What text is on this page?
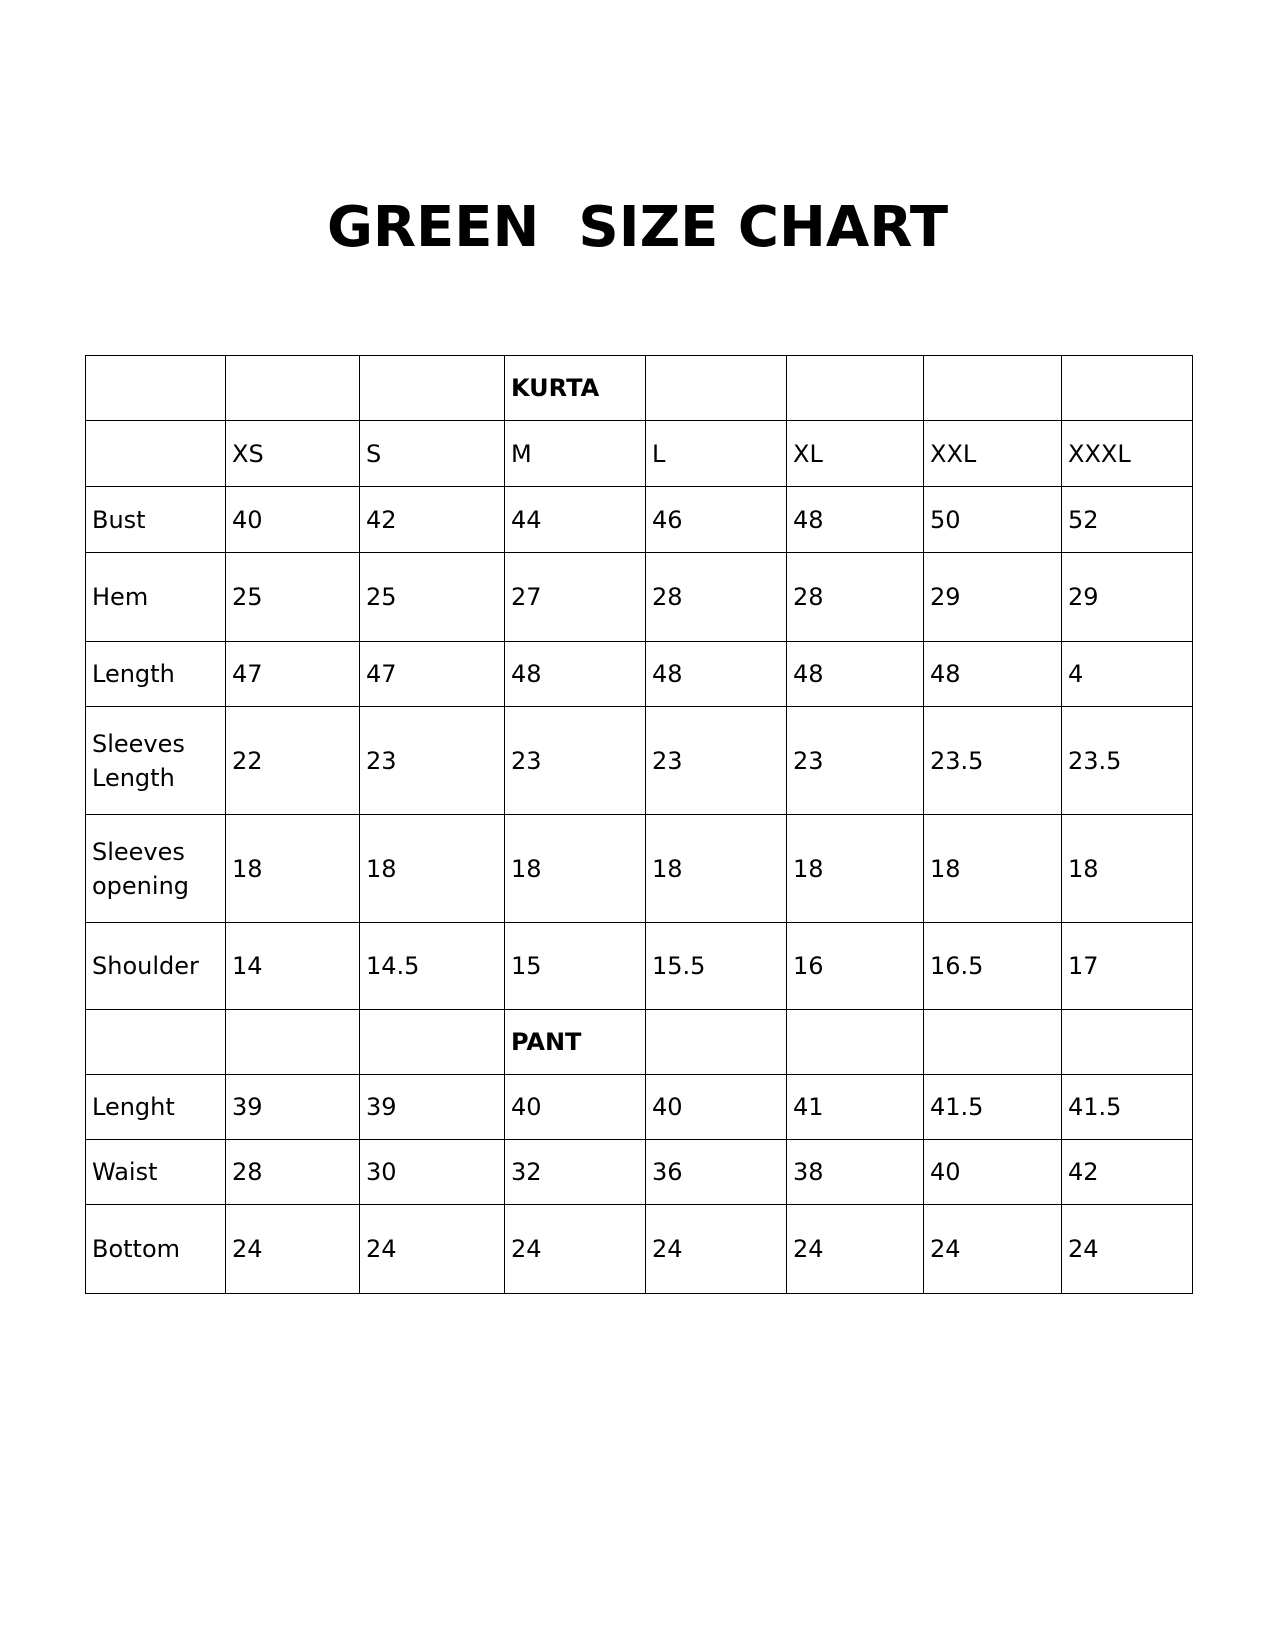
GREEN  SIZE CHART
			KURTA				
	XS	S	M	L	XL	XXL	XXXL
Bust	40	42	44	46	48	50	52
Hem	25	25	27	28	28	29	29
Length	47	47	48	48	48	48	4
Sleeves Length	22	23	23	23	23	23.5	23.5
Sleeves opening	18	18	18	18	18	18	18
Shoulder	14	14.5	15	15.5	16	16.5	17
			PANT				
Lenght	39	39	40	40	41	41.5	41.5
Waist	28	30	32	36	38	40	42
Bottom	24	24	24	24	24	24	24
